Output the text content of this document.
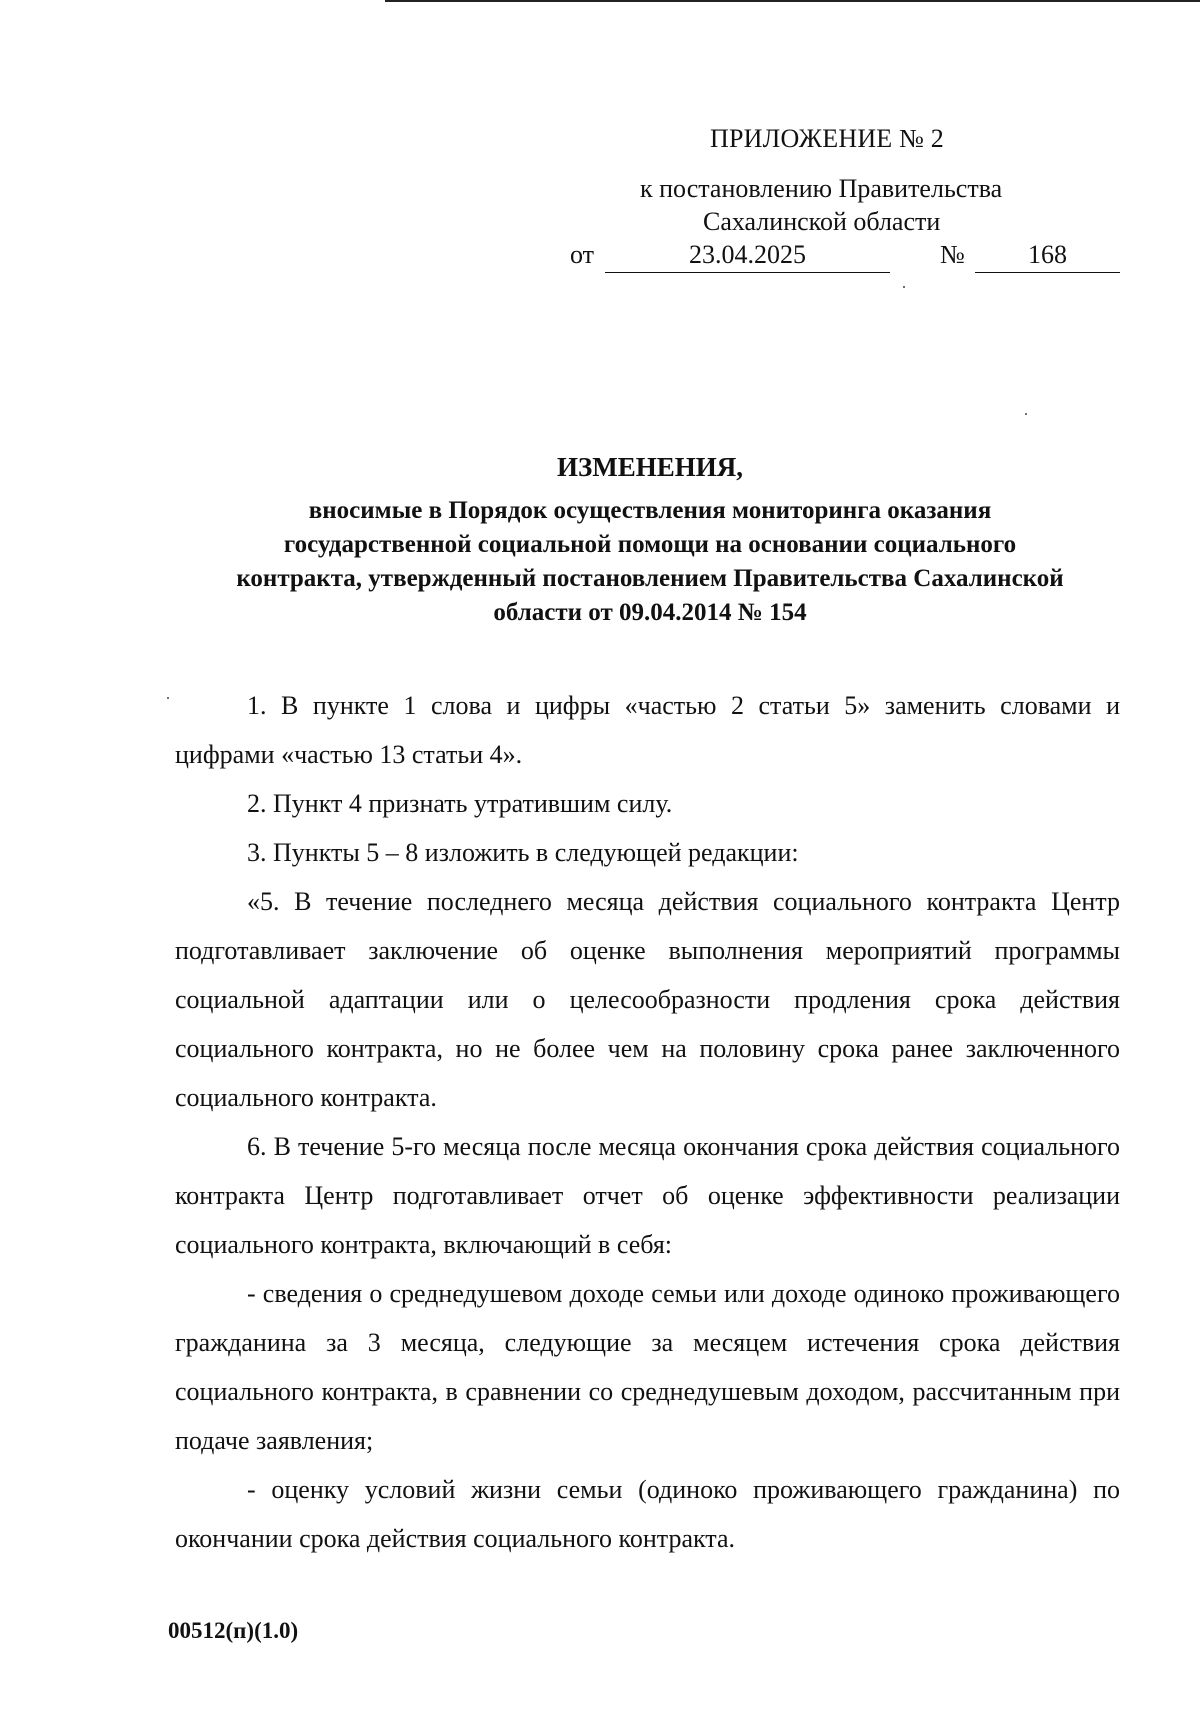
ПРИЛОЖЕНИЕ № 2
к постановлению Правительства
Сахалинской области
от	23.04.2025	№	168
ИЗМЕНЕНИЯ,
вносимые в Порядок осуществления мониторинга оказания
государственной социальной помощи на основании социального
контракта, утвержденный постановлением Правительства Сахалинской
области от 09.04.2014 № 154

1. В пункте 1 слова и цифры «частью 2 статьи 5» заменить словами и цифрами «частью 13 статьи 4».

2. Пункт 4 признать утратившим силу.

3. Пункты 5 – 8 изложить в следующей редакции:

«5. В течение последнего месяца действия социального контракта Центр подготавливает заключение об оценке выполнения мероприятий программы социальной адаптации или о целесообразности продления срока действия социального контракта, но не более чем на половину срока ранее заключенного социального контракта.

6. В течение 5-го месяца после месяца окончания срока действия социального контракта Центр подготавливает отчет об оценке эффективности реализации социального контракта, включающий в себя:

- сведения о среднедушевом доходе семьи или доходе одиноко проживающего гражданина за 3 месяца, следующие за месяцем истечения срока действия социального контракта, в сравнении со среднедушевым доходом, рассчитанным при подаче заявления;

- оценку условий жизни семьи (одиноко проживающего гражданина) по окончании срока действия социального контракта.

00512(п)(1.0)
